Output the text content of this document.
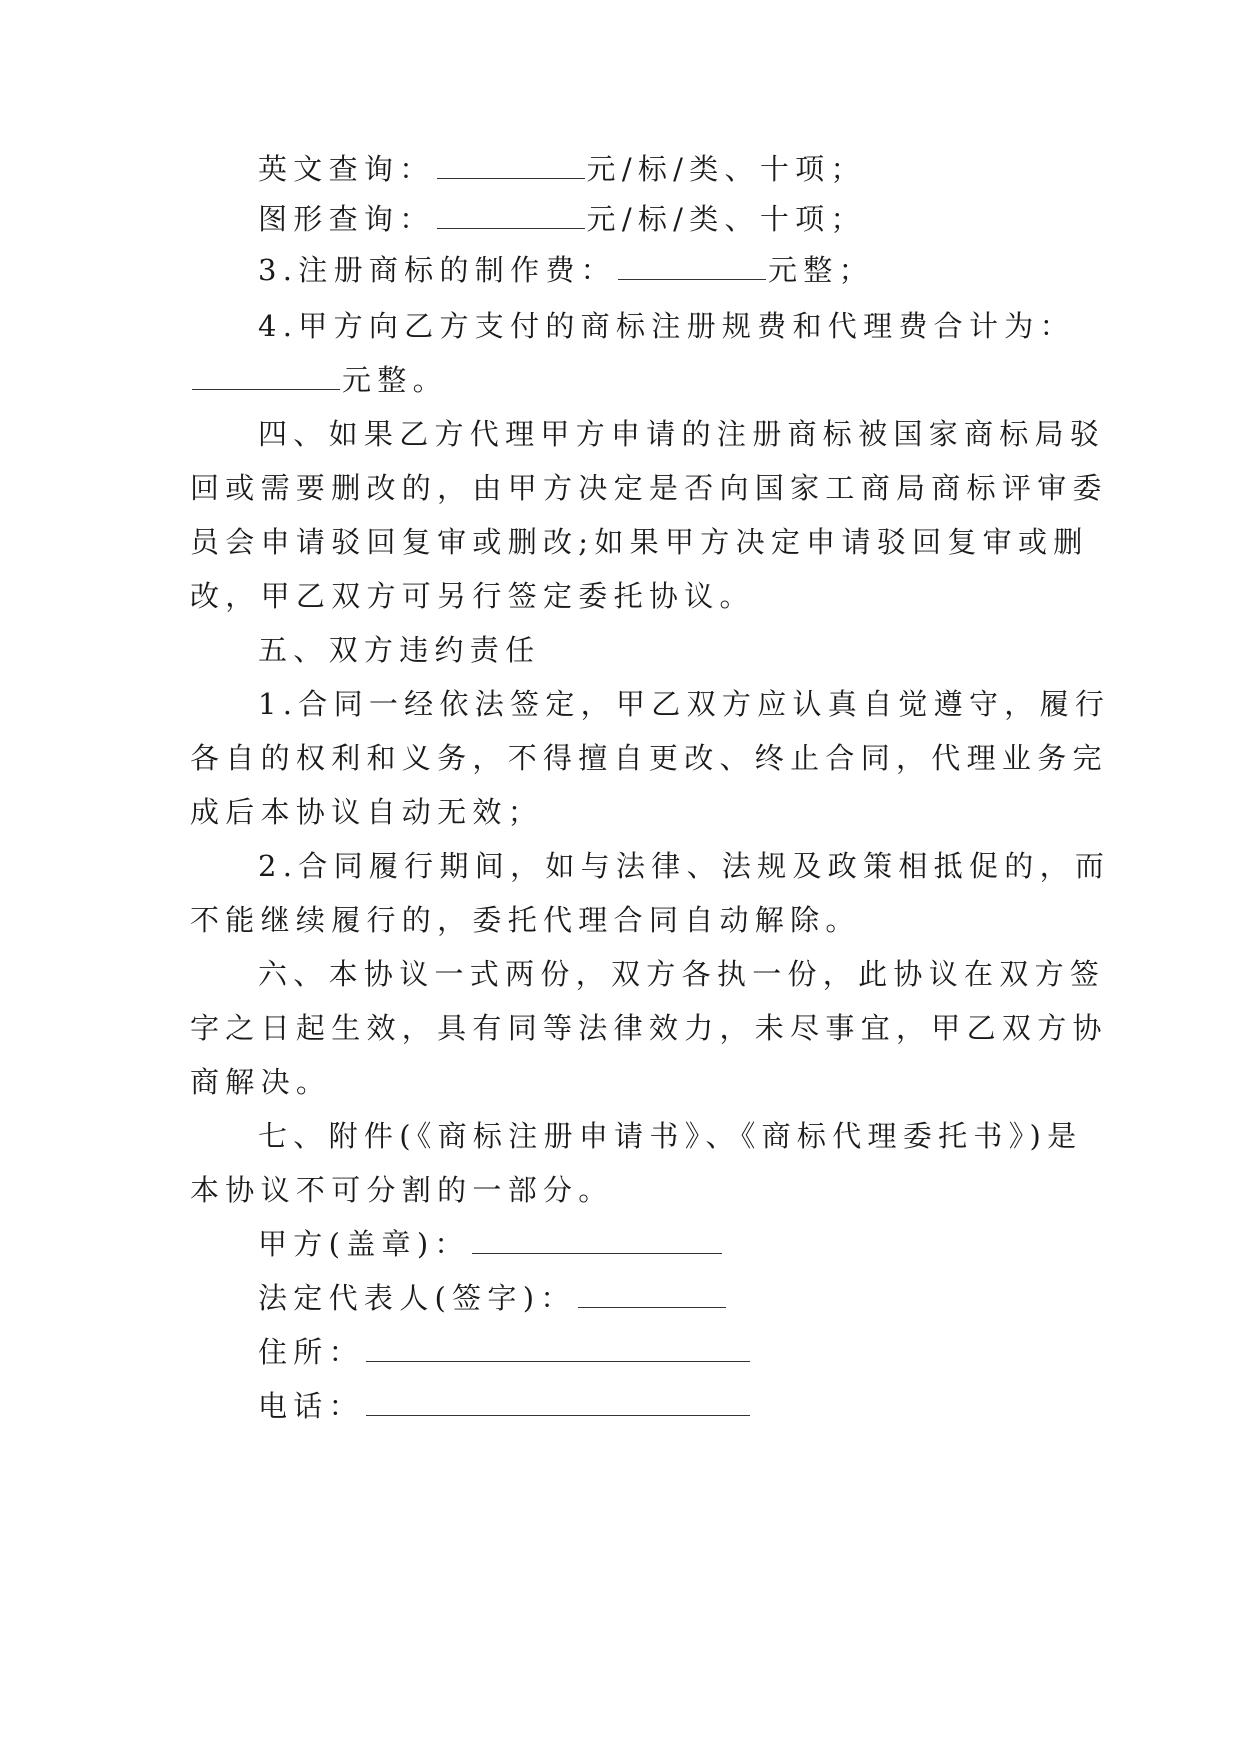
英文查询：	元/标/类、十项；
图形查询：	元/标/类、十项；
3.注册商标的制作费：	元整；
4.甲方向乙方支付的商标注册规费和代理费合计为：
元整。
四、如果乙方代理甲方申请的注册商标被国家商标局驳
回或需要删改的，由甲方决定是否向国家工商局商标评审委
员会申请驳回复审或删改;如果甲方决定申请驳回复审或删
改，甲乙双方可另行签定委托协议。
五、双方违约责任
1.合同一经依法签定，甲乙双方应认真自觉遵守，履行
各自的权利和义务，不得擅自更改、终止合同，代理业务完
成后本协议自动无效；
2.合同履行期间，如与法律、法规及政策相抵促的，而
不能继续履行的，委托代理合同自动解除。
六、本协议一式两份，双方各执一份，此协议在双方签
字之日起生效，具有同等法律效力，未尽事宜，甲乙双方协
商解决。
七、附件(《商标注册申请书》、《商标代理委托书》)是
本协议不可分割的一部分。
甲方(盖章)：
法定代表人(签字)：
住所：
电话：
